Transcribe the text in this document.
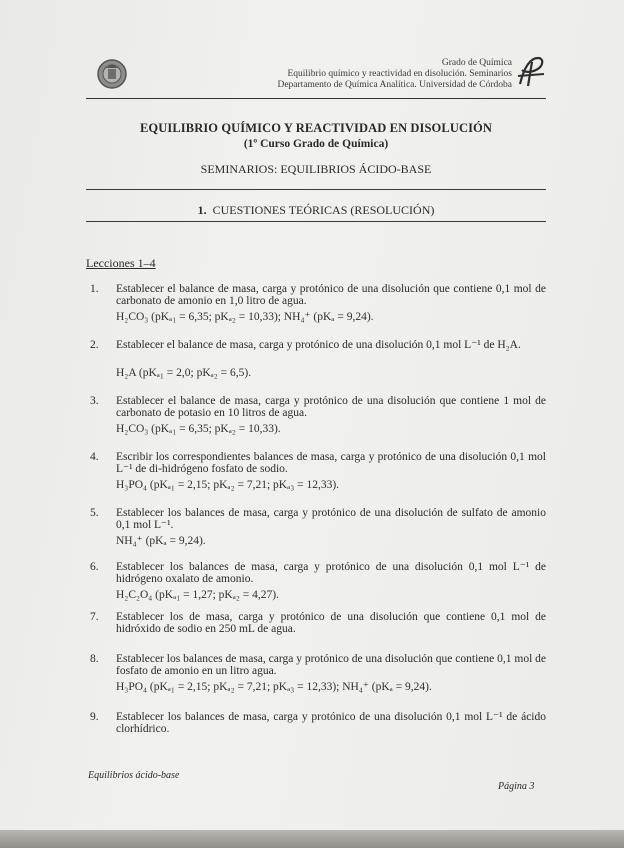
Grado de Química
Equilibrio químico y reactividad en disolución. Seminarios
Departamento de Química Analítica. Universidad de Córdoba
EQUILIBRIO QUÍMICO Y REACTIVIDAD EN DISOLUCIÓN
(1º Curso Grado de Química)
SEMINARIOS: EQUILIBRIOS ÁCIDO-BASE
1. CUESTIONES TEÓRICAS (RESOLUCIÓN)
Lecciones 1–4
1. Establecer el balance de masa, carga y protónico de una disolución que contiene 0,1 mol de carbonato de amonio en 1,0 litro de agua.
H₂CO₃ (pKₐ₁ = 6,35; pKₐ₂ = 10,33); NH₄⁺ (pKₐ = 9,24).
2. Establecer el balance de masa, carga y protónico de una disolución 0,1 mol L⁻¹ de H₂A.
H₂A (pKₐ₁ = 2,0; pKₐ₂ = 6,5).
3. Establecer el balance de masa, carga y protónico de una disolución que contiene 1 mol de carbonato de potasio en 10 litros de agua.
H₂CO₃ (pKₐ₁ = 6,35; pKₐ₂ = 10,33).
4. Escribir los correspondientes balances de masa, carga y protónico de una disolución 0,1 mol L⁻¹ de di-hidrógeno fosfato de sodio.
H₃PO₄ (pKₐ₁ = 2,15; pKₐ₂ = 7,21; pKₐ₃ = 12,33).
5. Establecer los balances de masa, carga y protónico de una disolución de sulfato de amonio 0,1 mol L⁻¹.
NH₄⁺ (pKₐ = 9,24).
6. Establecer los balances de masa, carga y protónico de una disolución 0,1 mol L⁻¹ de hidrógeno oxalato de amonio.
H₂C₂O₄ (pKₐ₁ = 1,27; pKₐ₂ = 4,27).
7. Establecer los de masa, carga y protónico de una disolución que contiene 0,1 mol de hidróxido de sodio en 250 mL de agua.
8. Establecer los balances de masa, carga y protónico de una disolución que contiene 0,1 mol de fosfato de amonio en un litro agua.
H₃PO₄ (pKₐ₁ = 2,15; pKₐ₂ = 7,21; pKₐ₃ = 12,33); NH₄⁺ (pKₐ = 9,24).
9. Establecer los balances de masa, carga y protónico de una disolución 0,1 mol L⁻¹ de ácido clorhídrico.
Equilibrios ácido-base
Página 3
